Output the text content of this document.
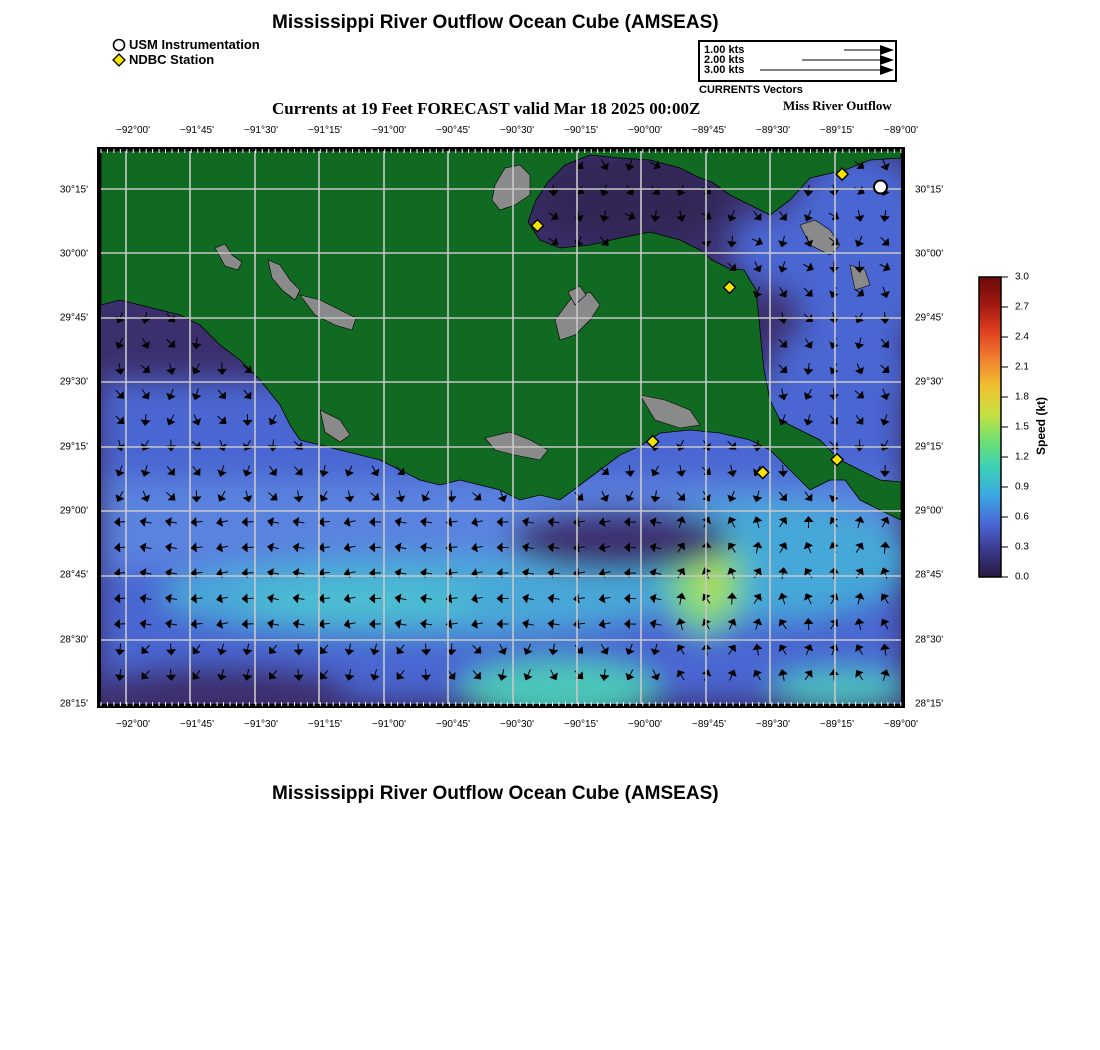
Mississippi River Outflow Ocean Cube (AMSEAS)
USM Instrumentation
NDBC Station
1.00 kts
2.00 kts
3.00 kts
CURRENTS Vectors
Currents at 19 Feet FORECAST valid Mar 18 2025 00:00Z	Miss River Outflow
−92°00'	−91°45'	−91°30'	−91°15'	−91°00'	−90°45'	−90°30'	−90°15'	−90°00'	−89°45'	−89°30'	−89°15'	−89°00'
−92°00'	−91°45'	−91°30'	−91°15'	−91°00'	−90°45'	−90°30'	−90°15'	−90°00'	−89°45'	−89°30'	−89°15'	−89°00'
30°15'
30°00'
29°45'
29°30'
29°15'
29°00'
28°45'
28°30'
28°15'
30°15'
30°00'
29°45'
29°30'
29°15'
29°00'
28°45'
28°30'
28°15'
3.0
2.7
2.4
2.1
1.8
1.5
1.2
0.9
0.6
0.3
0.0
Speed (kt)
Mississippi River Outflow Ocean Cube (AMSEAS)
